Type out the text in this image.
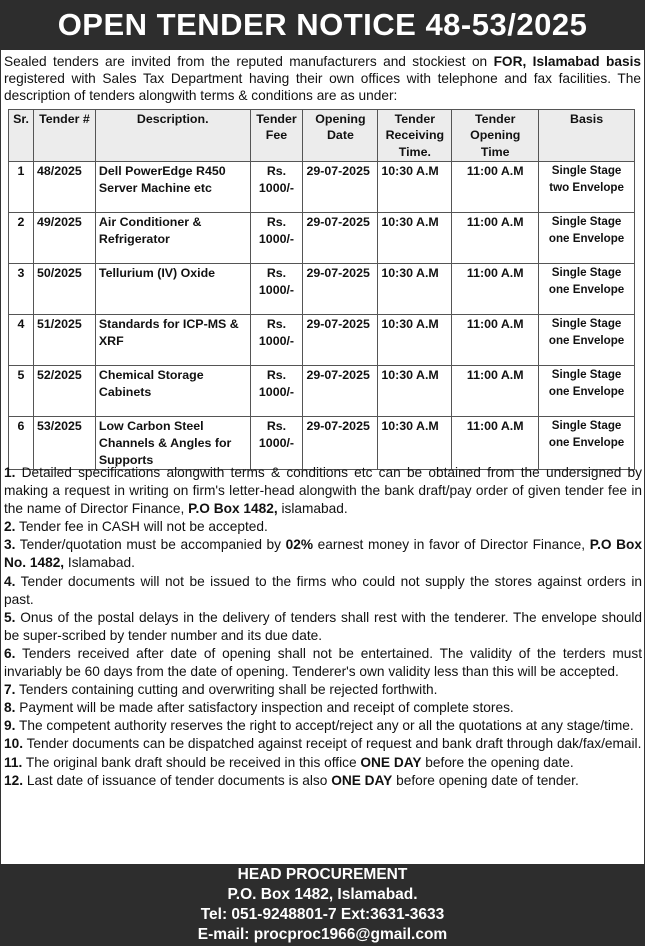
OPEN TENDER NOTICE 48-53/2025
Sealed tenders are invited from the reputed manufacturers and stockiest on FOR, Islamabad basis registered with Sales Tax Department having their own offices with telephone and fax facilities. The description of tenders alongwith terms & conditions are as under:
Sr.	Tender #	Description.	Tender Fee	Opening Date	Tender Receiving Time.	Tender Opening Time	Basis
1	48/2025	Dell PowerEdge R450 Server Machine etc	Rs. 1000/-	29-07-2025	10:30 A.M	11:00 A.M	Single Stage two Envelope
2	49/2025	Air Conditioner & Refrigerator	Rs. 1000/-	29-07-2025	10:30 A.M	11:00 A.M	Single Stage one Envelope
3	50/2025	Tellurium (IV) Oxide	Rs. 1000/-	29-07-2025	10:30 A.M	11:00 A.M	Single Stage one Envelope
4	51/2025	Standards for ICP-MS & XRF	Rs. 1000/-	29-07-2025	10:30 A.M	11:00 A.M	Single Stage one Envelope
5	52/2025	Chemical Storage Cabinets	Rs. 1000/-	29-07-2025	10:30 A.M	11:00 A.M	Single Stage one Envelope
6	53/2025	Low Carbon Steel Channels & Angles for Supports	Rs. 1000/-	29-07-2025	10:30 A.M	11:00 A.M	Single Stage one Envelope

1. Detailed specifications alongwith terms & conditions etc can be obtained from the undersigned by making a request in writing on firm's letter-head alongwith the bank draft/pay order of given tender fee in the name of Director Finance, P.O Box 1482, islamabad.

2. Tender fee in CASH will not be accepted.

3. Tender/quotation must be accompanied by 02% earnest money in favor of Director Finance, P.O Box No. 1482, Islamabad.

4. Tender documents will not be issued to the firms who could not supply the stores against orders in past.

5. Onus of the postal delays in the delivery of tenders shall rest with the tenderer. The envelope should be super-scribed by tender number and its due date.

6. Tenders received after date of opening shall not be entertained. The validity of the terders must invariably be 60 days from the date of opening. Tenderer's own validity less than this will be accepted.

7. Tenders containing cutting and overwriting shall be rejected forthwith.

8. Payment will be made after satisfactory inspection and receipt of complete stores.

9. The competent authority reserves the right to accept/reject any or all the quotations at any stage/time.

10. Tender documents can be dispatched against receipt of request and bank draft through dak/fax/email.

11. The original bank draft should be received in this office ONE DAY before the opening date.

12. Last date of issuance of tender documents is also ONE DAY before opening date of tender.

HEAD PROCUREMENT
P.O. Box 1482, Islamabad.
Tel: 051-9248801-7 Ext:3631-3633
E-mail: procproc1966@gmail.com
